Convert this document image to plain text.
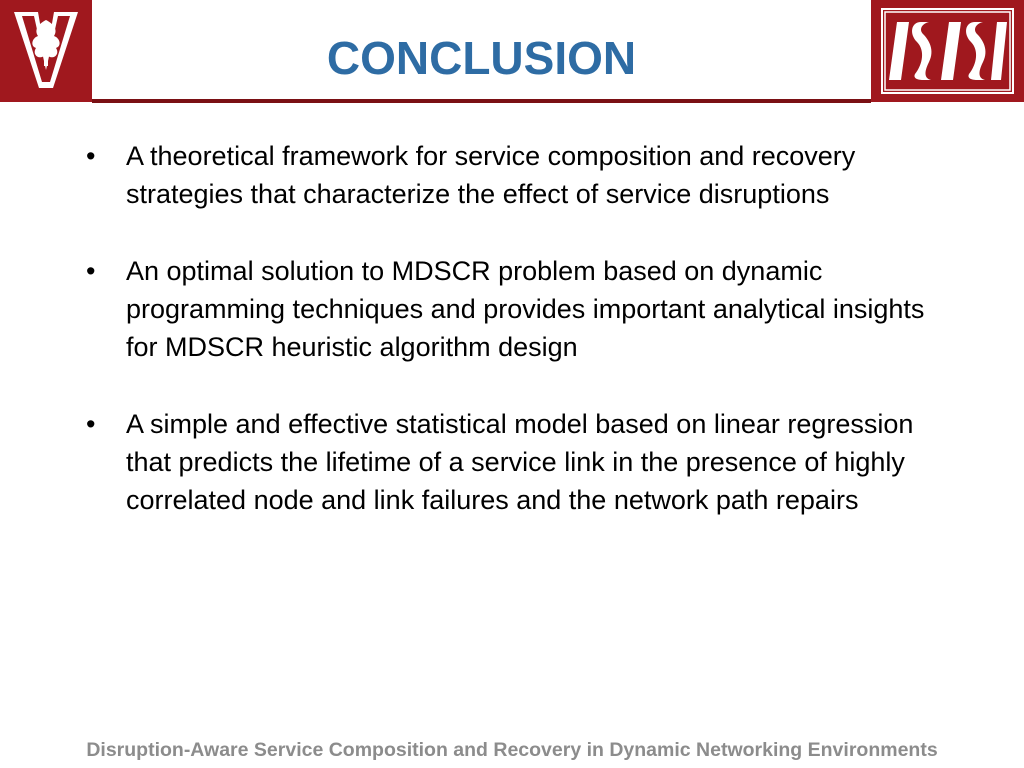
CONCLUSION
• A theoretical framework for service composition and recovery strategies that characterize the effect of service disruptions
• An optimal solution to MDSCR problem based on dynamic programming techniques and provides important analytical insights for MDSCR heuristic algorithm design
• A simple and effective statistical model based on linear regression that predicts the lifetime of a service link in the presence of highly correlated node and link failures and the network path repairs
Disruption-Aware Service Composition and Recovery in Dynamic Networking Environments
